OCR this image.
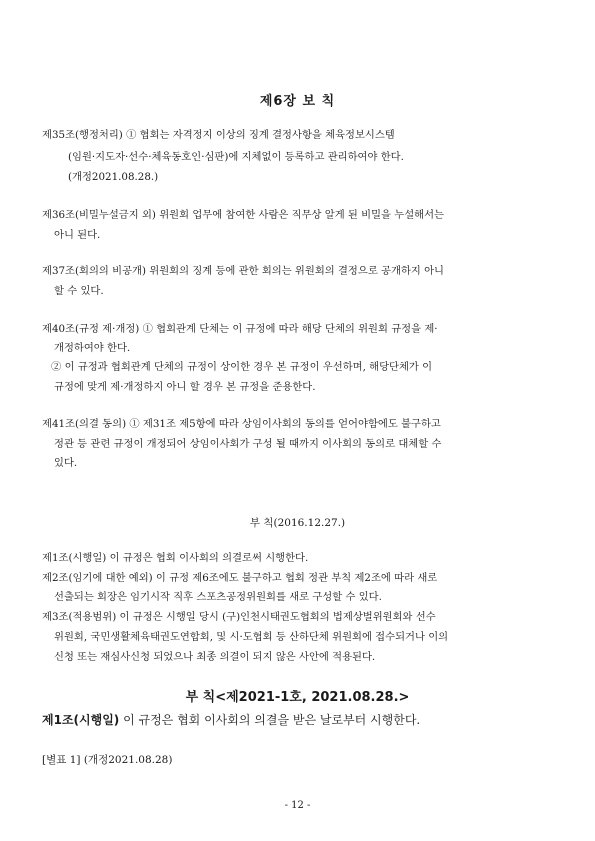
제6장 보 칙
제35조(행정처리) ① 협회는 자격정지 이상의 징계 결정사항을 체육정보시스템
(임원·지도자·선수·체육동호인·심판)에 지체없이 등록하고 관리하여야 한다.
(개정2021.08.28.)
제36조(비밀누설금지 외) 위원회 업무에 참여한 사람은 직무상 알게 된 비밀을 누설해서는
아니 된다.
제37조(회의의 비공개) 위원회의 징계 등에 관한 회의는 위원회의 결정으로 공개하지 아니
할 수 있다.
제40조(규정 제·개정) ① 협회관계 단체는 이 규정에 따라 해당 단체의 위원회 규정을 제·
개정하여야 한다.
② 이 규정과 협회관계 단체의 규정이 상이한 경우 본 규정이 우선하며, 해당단체가 이
규정에 맞게 제·개정하지 아니 할 경우 본 규정을 준용한다.
제41조(의결 동의) ① 제31조 제5항에 따라 상임이사회의 동의를 얻어야함에도 불구하고
정관 등 관련 규정이 개정되어 상임이사회가 구성 될 때까지 이사회의 동의로 대체할 수
있다.
부 칙(2016.12.27.)
제1조(시행일) 이 규정은 협회 이사회의 의결로써 시행한다.
제2조(임기에 대한 예외) 이 규정 제6조에도 불구하고 협회 정관 부칙 제2조에 따라 새로
선출되는 회장은 임기시작 직후 스포츠공정위원회를 새로 구성할 수 있다.
제3조(적용범위) 이 규정은 시행일 당시 (구)인천시태권도협회의 법제상벌위원회와 선수
위원회, 국민생활체육태권도연합회, 및 시·도협회 등 산하단체 위원회에 접수되거나 이의
신청 또는 재심사신청 되었으나 최종 의결이 되지 않은 사안에 적용된다.
부 칙<제2021-1호, 2021.08.28.>
제1조(시행일) 이 규정은 협회 이사회의 의결을 받은 날로부터 시행한다.
[별표 1] (개정2021.08.28)
- 12 -
